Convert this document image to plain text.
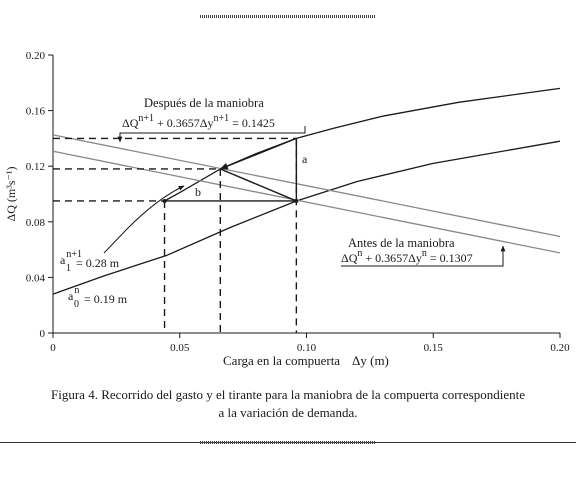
0	0.05	0.10	0.15	0.20
0
0.04
0.08
0.12
0.16
0.20
Carga en la compuerta Δy (m)
ΔQ (m³s⁻¹)
Después de la maniobra
$\Delta Q^{n+1} + 0.3657\Delta y^{n+1} = 0.1425$
Antes de la maniobra
$\Delta Q^n + 0.3657\Delta y^n = 0.1307$
a
b
$a^{n+1}$ 1 = 0.28 m
$a^n$ 0 = 0.19 m
Figura 4. Recorrido del gasto y el tirante para la maniobra de la compuerta correspondiente
a la variación de demanda.
